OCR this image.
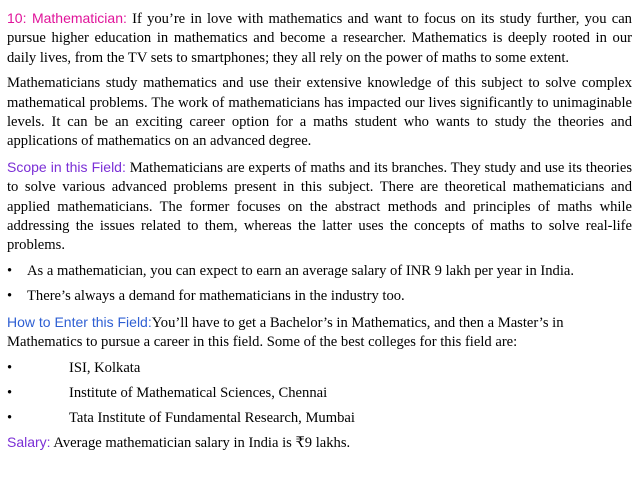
10: Mathematician: If you’re in love with mathematics and want to focus on its study further, you can pursue higher education in mathematics and become a researcher. Mathematics is deeply rooted in our daily lives, from the TV sets to smartphones; they all rely on the power of maths to some extent.

Mathematicians study mathematics and use their extensive knowledge of this subject to solve complex mathematical problems. The work of mathematicians has impacted our lives significantly to unimaginable levels. It can be an exciting career option for a maths student who wants to study the theories and applications of mathematics on an advanced degree.

Scope in this Field: Mathematicians are experts of maths and its branches. They study and use its theories to solve various advanced problems present in this subject. There are theoretical mathematicians and applied mathematicians. The former focuses on the abstract methods and principles of maths while addressing the issues related to them, whereas the latter uses the concepts of maths to solve real-life problems.

•	As a mathematician, you can expect to earn an average salary of INR 9 lakh per year in India.
•	There’s always a demand for mathematicians in the industry too.

How to Enter this Field:You’ll have to get a Bachelor’s in Mathematics, and then a Master’s in Mathematics to pursue a career in this field. Some of the best colleges for this field are:

•	ISI, Kolkata
•	Institute of Mathematical Sciences, Chennai
•	Tata Institute of Fundamental Research, Mumbai

Salary: Average mathematician salary in India is ₹9 lakhs.
